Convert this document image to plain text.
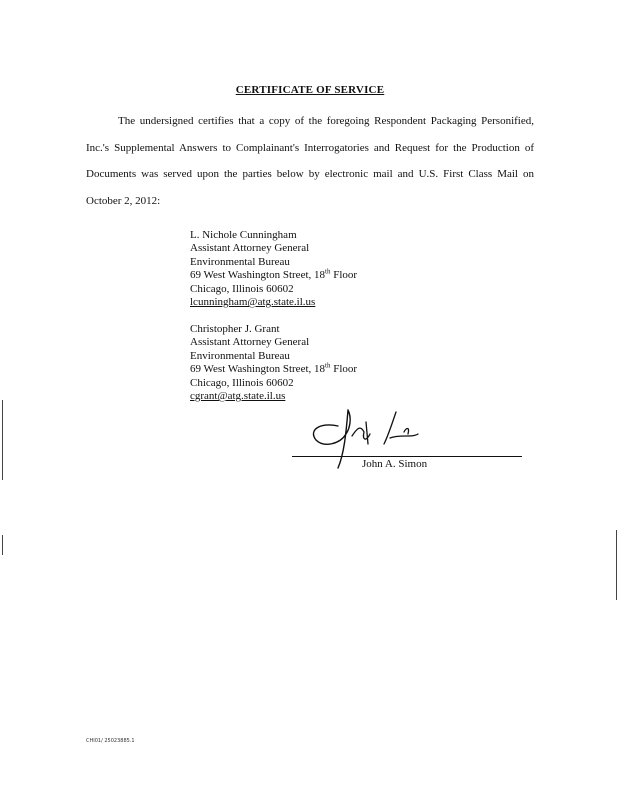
CERTIFICATE OF SERVICE

The undersigned certifies that a copy of the foregoing Respondent Packaging Personified, Inc.'s Supplemental Answers to Complainant's Interrogatories and Request for the Production of Documents was served upon the parties below by electronic mail and U.S. First Class Mail on October 2, 2012:

L. Nichole Cunningham
Assistant Attorney General
Environmental Bureau
69 West Washington Street, 18th Floor
Chicago, Illinois 60602
lcunningham@atg.state.il.us
Christopher J. Grant
Assistant Attorney General
Environmental Bureau
69 West Washington Street, 18th Floor
Chicago, Illinois 60602
cgrant@atg.state.il.us
John A. Simon
CHI01/ 25023885.1
